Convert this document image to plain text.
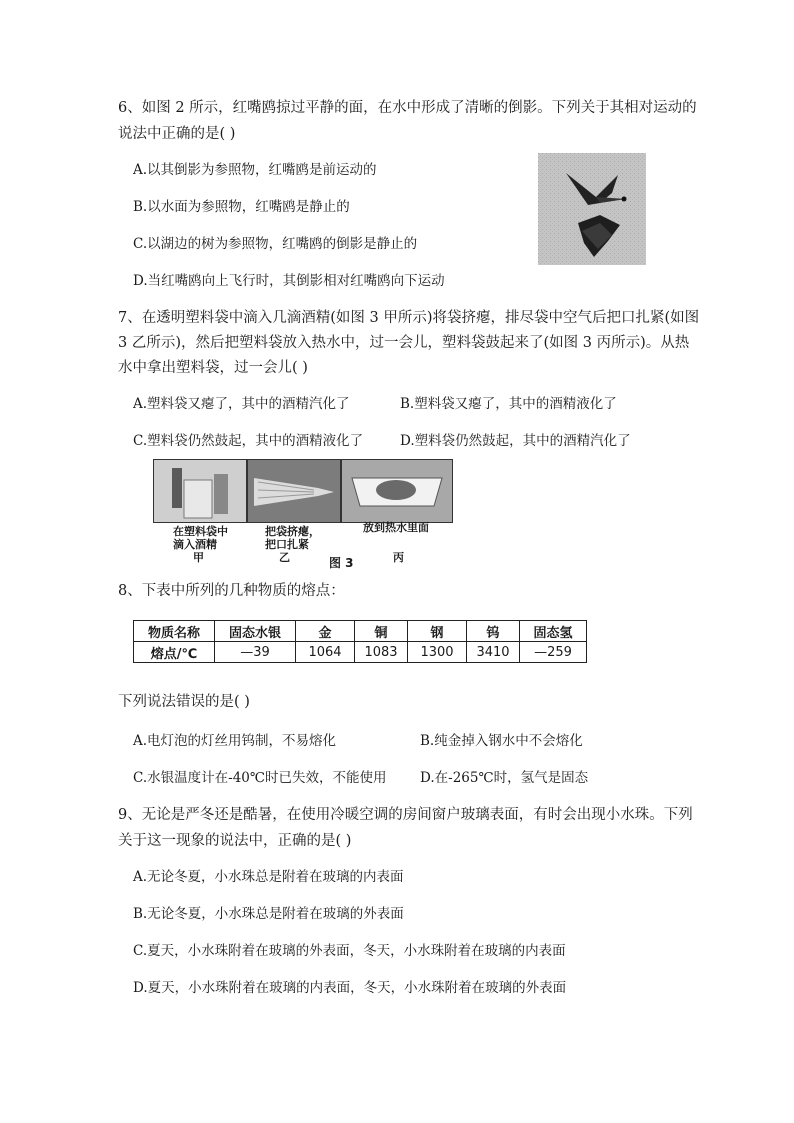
6、如图 2 所示，红嘴鸥掠过平静的面，在水中形成了清晰的倒影。下列关于其相对运动的
说法中正确的是( )
A.以其倒影为参照物，红嘴鸥是前运动的
B.以水面为参照物，红嘴鸥是静止的
C.以湖边的树为参照物，红嘴鸥的倒影是静止的
D.当红嘴鸥向上飞行时，其倒影相对红嘴鸥向下运动
7、在透明塑料袋中滴入几滴酒精(如图 3 甲所示)将袋挤瘪，排尽袋中空气后把口扎紧(如图
3 乙所示)，然后把塑料袋放入热水中，过一会儿，塑料袋鼓起来了(如图 3 丙所示)。从热
水中拿出塑料袋，过一会儿( )
A.塑料袋又瘪了，其中的酒精汽化了	B.塑料袋又瘪了，其中的酒精液化了
C.塑料袋仍然鼓起，其中的酒精液化了	D.塑料袋仍然鼓起，其中的酒精汽化了
在塑料袋中
滴入酒精
甲
把袋挤瘪，
把口扎紧
乙
放到热水里面
丙
图 3
8、下表中所列的几种物质的熔点：
物质名称	固态水银	金	铜	钢	钨	固态氢
熔点/℃	—39	1064	1083	1300	3410	—259
下列说法错误的是( )
A.电灯泡的灯丝用钨制，不易熔化	B.纯金掉入钢水中不会熔化
C.水银温度计在-40℃时已失效，不能使用 D.在-265℃时，氢气是固态
9、无论是严冬还是酷暑，在使用冷暖空调的房间窗户玻璃表面，有时会出现小水珠。下列
关于这一现象的说法中，正确的是( )
A.无论冬夏，小水珠总是附着在玻璃的内表面
B.无论冬夏，小水珠总是附着在玻璃的外表面
C.夏天，小水珠附着在玻璃的外表面，冬天，小水珠附着在玻璃的内表面
D.夏天，小水珠附着在玻璃的内表面，冬天，小水珠附着在玻璃的外表面
